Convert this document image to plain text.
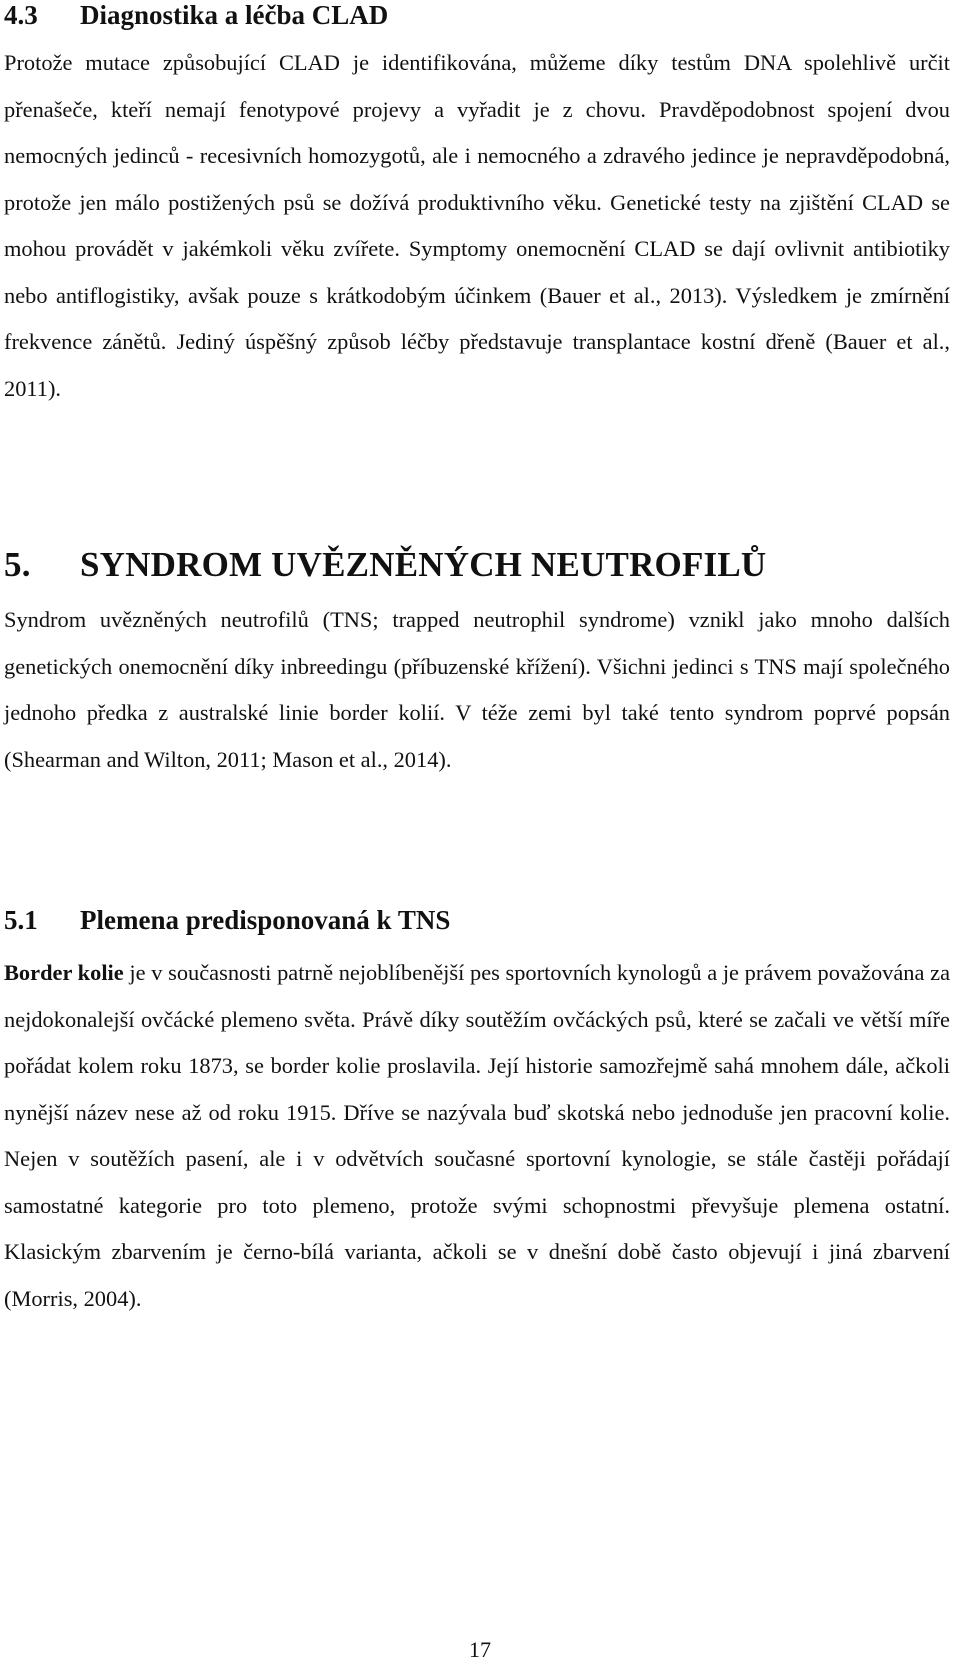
4.3 Diagnostika a léčba CLAD

Protože mutace způsobující CLAD je identifikována, můžeme díky testům DNA spolehlivě určit přenašeče, kteří nemají fenotypové projevy a vyřadit je z chovu. Pravděpodobnost spojení dvou nemocných jedinců - recesivních homozygotů, ale i nemocného a zdravého jedince je nepravděpodobná, protože jen málo postižených psů se dožívá produktivního věku. Genetické testy na zjištění CLAD se mohou provádět v jakémkoli věku zvířete. Symptomy onemocnění CLAD se dají ovlivnit antibiotiky nebo antiflogistiky, avšak pouze s krátkodobým účinkem (Bauer et al., 2013). Výsledkem je zmírnění frekvence zánětů. Jediný úspěšný způsob léčby představuje transplantace kostní dřeně (Bauer et al., 2011).

5. SYNDROM UVĚZNĚNÝCH NEUTROFILŮ

Syndrom uvězněných neutrofilů (TNS; trapped neutrophil syndrome) vznikl jako mnoho dalších genetických onemocnění díky inbreedingu (příbuzenské křížení). Všichni jedinci s TNS mají společného jednoho předka z australské linie border kolií. V téže zemi byl také tento syndrom poprvé popsán (Shearman and Wilton, 2011; Mason et al., 2014).

5.1 Plemena predisponovaná k TNS

Border kolie je v současnosti patrně nejoblíbenější pes sportovních kynologů a je právem považována za nejdokonalejší ovčácké plemeno světa. Právě díky soutěžím ovčáckých psů, které se začali ve větší míře pořádat kolem roku 1873, se border kolie proslavila. Její historie samozřejmě sahá mnohem dále, ačkoli nynější název nese až od roku 1915. Dříve se nazývala buď skotská nebo jednoduše jen pracovní kolie. Nejen v soutěžích pasení, ale i v odvětvích současné sportovní kynologie, se stále častěji pořádají samostatné kategorie pro toto plemeno, protože svými schopnostmi převyšuje plemena ostatní. Klasickým zbarvením je černo-bílá varianta, ačkoli se v dnešní době často objevují i jiná zbarvení (Morris, 2004).

17
